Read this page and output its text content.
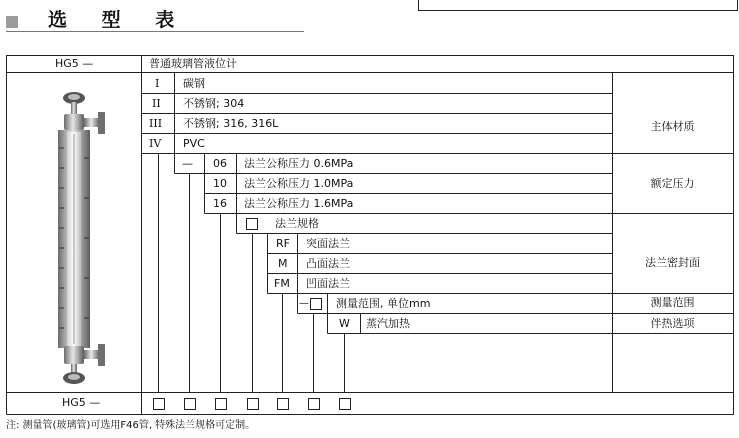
选 型 表
HG5 —	普通玻璃管液位计
I 碳钢
II 不锈钢; 304
III 不锈钢; 316, 316L
IV PVC
— 06 法兰公称压力 0.6MPa
10 法兰公称压力 1.0MPa
16 法兰公称压力 1.6MPa
法兰规格
RF 突面法兰
M 凸面法兰
FM 凹面法兰
— 测量范围, 单位mm
W 蒸汽加热
主体材质
额定压力
法兰密封面
测量范围
伴热选项
HG5 —
注: 测量管(玻璃管)可选用F46管, 特殊法兰规格可定制。
